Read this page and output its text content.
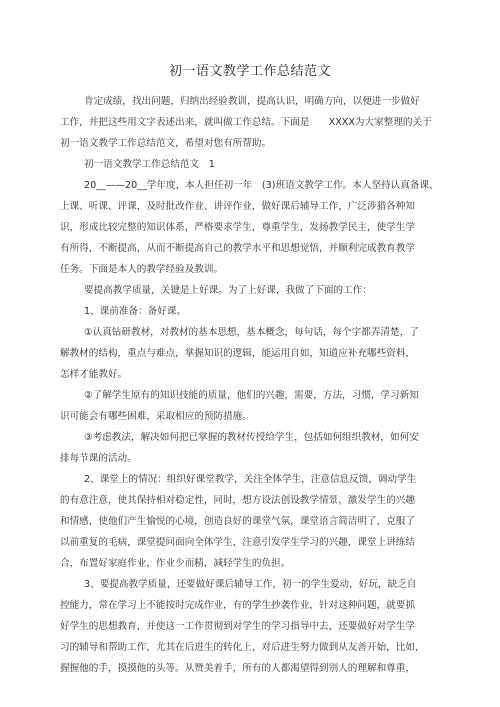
初一语文教学工作总结范文
肯定成绩，找出问题，归纳出经验教训，提高认识，明确方向，以便进一步做好
工作，并把这些用文字表述出来，就叫做工作总结。下面是　　XXXX为大家整理的关于
初一语文教学工作总结范文，希望对您有所帮助。
初一语文教学工作总结范文　1
20__——20__学年度，本人担任初一年　(3)班语文教学工作。本人坚持认真备课、
上课、听课、评课，及时批改作业、讲评作业，做好课后辅导工作，广泛涉猎各种知
识，形成比较完整的知识体系，严格要求学生，尊重学生，发扬教学民主，使学生学
有所得，不断提高，从而不断提高自己的教学水平和思想觉悟，并顺利完成教育教学
任务。下面是本人的教学经验及教训。
要提高教学质量，关键是上好课。为了上好课，我做了下面的工作：
1、课前准备：备好课。
①认真钻研教材，对教材的基本思想，基本概念，每句话，每个字都弄清楚，了
解教材的结构，重点与难点，掌握知识的逻辑，能运用自如，知道应补充哪些资料，
怎样才能教好。
②了解学生原有的知识技能的质量，他们的兴趣，需要，方法，习惯，学习新知
识可能会有哪些困难，采取相应的预防措施。
③考虑教法，解决如何把已掌握的教材传授给学生，包括如何组织教材，如何安
排每节课的活动。
2、课堂上的情况：组织好课堂教学，关注全体学生，注意信息反馈，调动学生
的有意注意，使其保持相对稳定性，同时，想方设法创设教学情景，激发学生的兴趣
和情感，使他们产生愉悦的心境，创造良好的课堂气氛，课堂语言简洁明了，克服了
以前重复的毛病，课堂提问面向全体学生，注意引发学生学习的兴趣，课堂上讲练结
合，布置好家庭作业，作业少而精，减轻学生的负担。
3、要提高教学质量，还要做好课后辅导工作，初一的学生爱动，好玩，缺乏自
控能力，常在学习上不能按时完成作业，有的学生抄袭作业，针对这种问题，就要抓
好学生的思想教育，并使这一工作贯彻到对学生的学习指导中去，还要做好对学生学
习的辅导和帮助工作，尤其在后进生的转化上，对后进生努力做到从友善开始，比如，
握握他的手，摸摸他的头等。从赞美着手，所有的人都渴望得到别人的理解和尊重，
